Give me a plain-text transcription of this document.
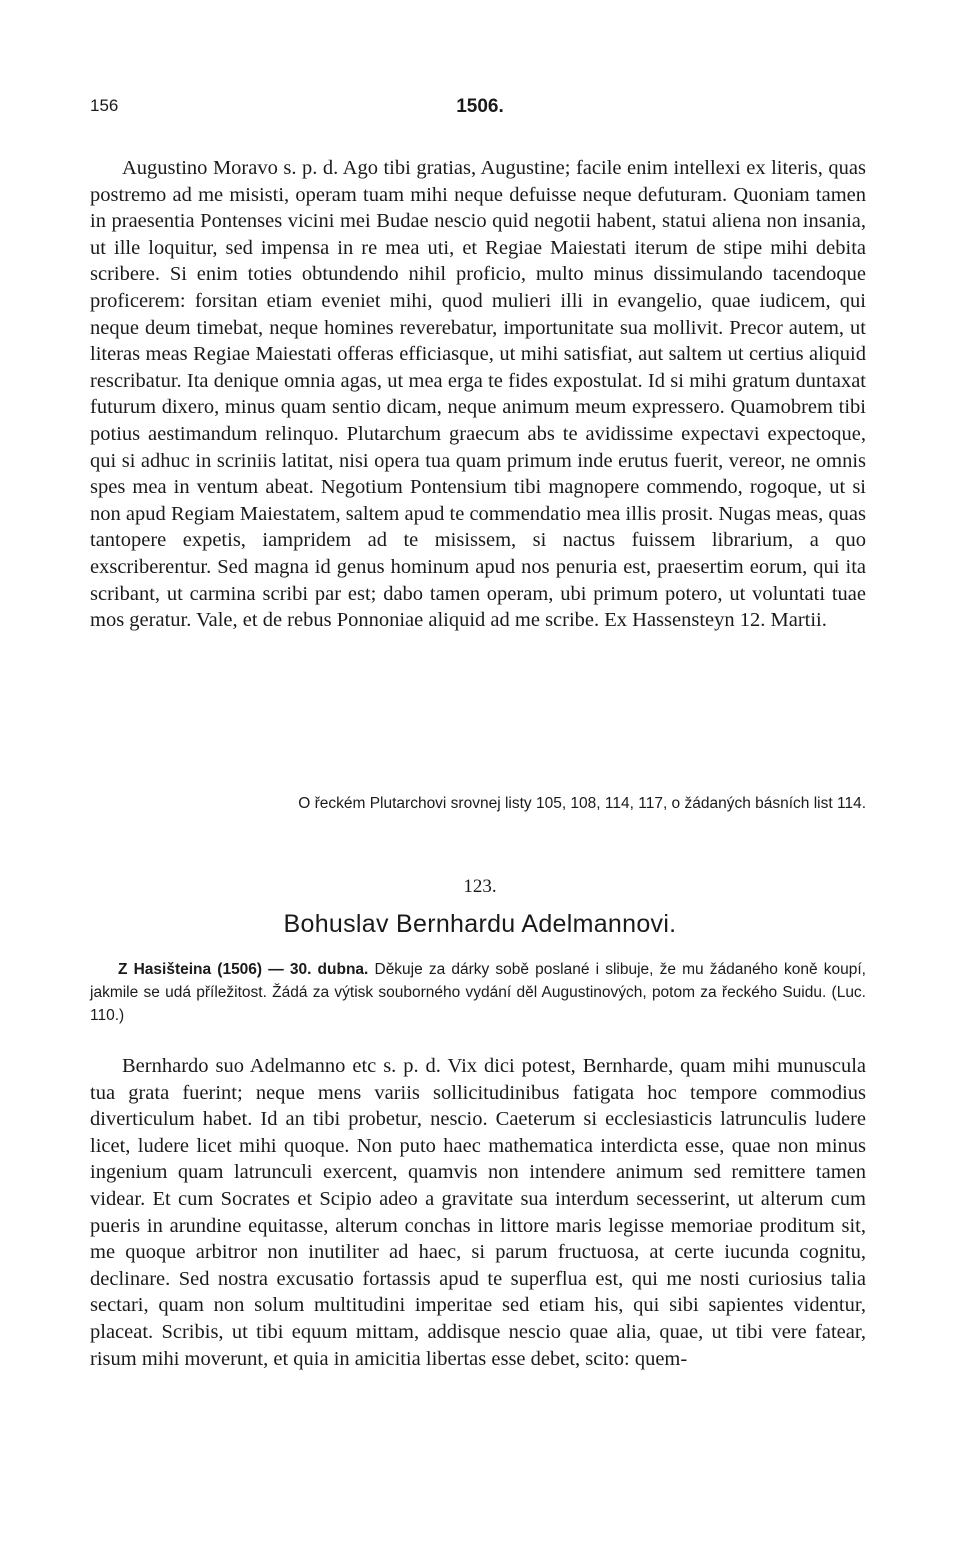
156	1506.

Augustino Moravo s. p. d. Ago tibi gratias, Augustine; facile enim intellexi ex literis, quas postremo ad me misisti, operam tuam mihi neque defuisse neque defuturam. Quoniam tamen in praesentia Pontenses vicini mei Budae nescio quid negotii habent, statui aliena non insania, ut ille loquitur, sed impensa in re mea uti, et Regiae Maiestati iterum de stipe mihi debita scribere. Si enim toties obtundendo nihil proficio, multo minus dissimulando tacendoque proficerem: forsitan etiam eveniet mihi, quod mulieri illi in evangelio, quae iudicem, qui neque deum timebat, neque homines reverebatur, importunitate sua mollivit. Precor autem, ut literas meas Regiae Maiestati offeras efficiasque, ut mihi satisfiat, aut saltem ut certius aliquid rescribatur. Ita denique omnia agas, ut mea erga te fides expostulat. Id si mihi gratum duntaxat futurum dixero, minus quam sentio dicam, neque animum meum expressero. Quamobrem tibi potius aestimandum relinquo. Plutarchum graecum abs te avidissime expectavi expectoque, qui si adhuc in scriniis latitat, nisi opera tua quam primum inde erutus fuerit, vereor, ne omnis spes mea in ventum abeat. Negotium Pontensium tibi magnopere commendo, rogoque, ut si non apud Regiam Maiestatem, saltem apud te commendatio mea illis prosit. Nugas meas, quas tantopere expetis, iampridem ad te misissem, si nactus fuissem librarium, a quo exscriberentur. Sed magna id genus hominum apud nos penuria est, praesertim eorum, qui ita scribant, ut carmina scribi par est; dabo tamen operam, ubi primum potero, ut voluntati tuae mos geratur. Vale, et de rebus Ponnoniae aliquid ad me scribe. Ex Hassensteyn 12. Martii.

O řeckém Plutarchovi srovnej listy 105, 108, 114, 117, o žádaných básních list 114.
123.
Bohuslav Bernhardu Adelmannovi.

Z Hasišteina (1506) — 30. dubna. Děkuje za dárky sobě poslané i slibuje, že mu žádaného koně koupí, jakmile se udá příležitost. Žádá za výtisk souborného vydání děl Augustinových, potom za řeckého Suidu. (Luc. 110.)

Bernhardo suo Adelmanno etc s. p. d. Vix dici potest, Bernharde, quam mihi munuscula tua grata fuerint; neque mens variis sollicitudinibus fatigata hoc tempore commodius diverticulum habet. Id an tibi probetur, nescio. Caeterum si ecclesiasticis latrunculis ludere licet, ludere licet mihi quoque. Non puto haec mathematica interdicta esse, quae non minus ingenium quam latrunculi exercent, quamvis non intendere animum sed remittere tamen videar. Et cum Socrates et Scipio adeo a gravitate sua interdum secesserint, ut alterum cum pueris in arundine equitasse, alterum conchas in littore maris legisse memoriae proditum sit, me quoque arbitror non inutiliter ad haec, si parum fructuosa, at certe iucunda cognitu, declinare. Sed nostra excusatio fortassis apud te superflua est, qui me nosti curiosius talia sectari, quam non solum multitudini imperitae sed etiam his, qui sibi sapientes videntur, placeat. Scribis, ut tibi equum mittam, addisque nescio quae alia, quae, ut tibi vere fatear, risum mihi moverunt, et quia in amicitia libertas esse debet, scito: quem-
